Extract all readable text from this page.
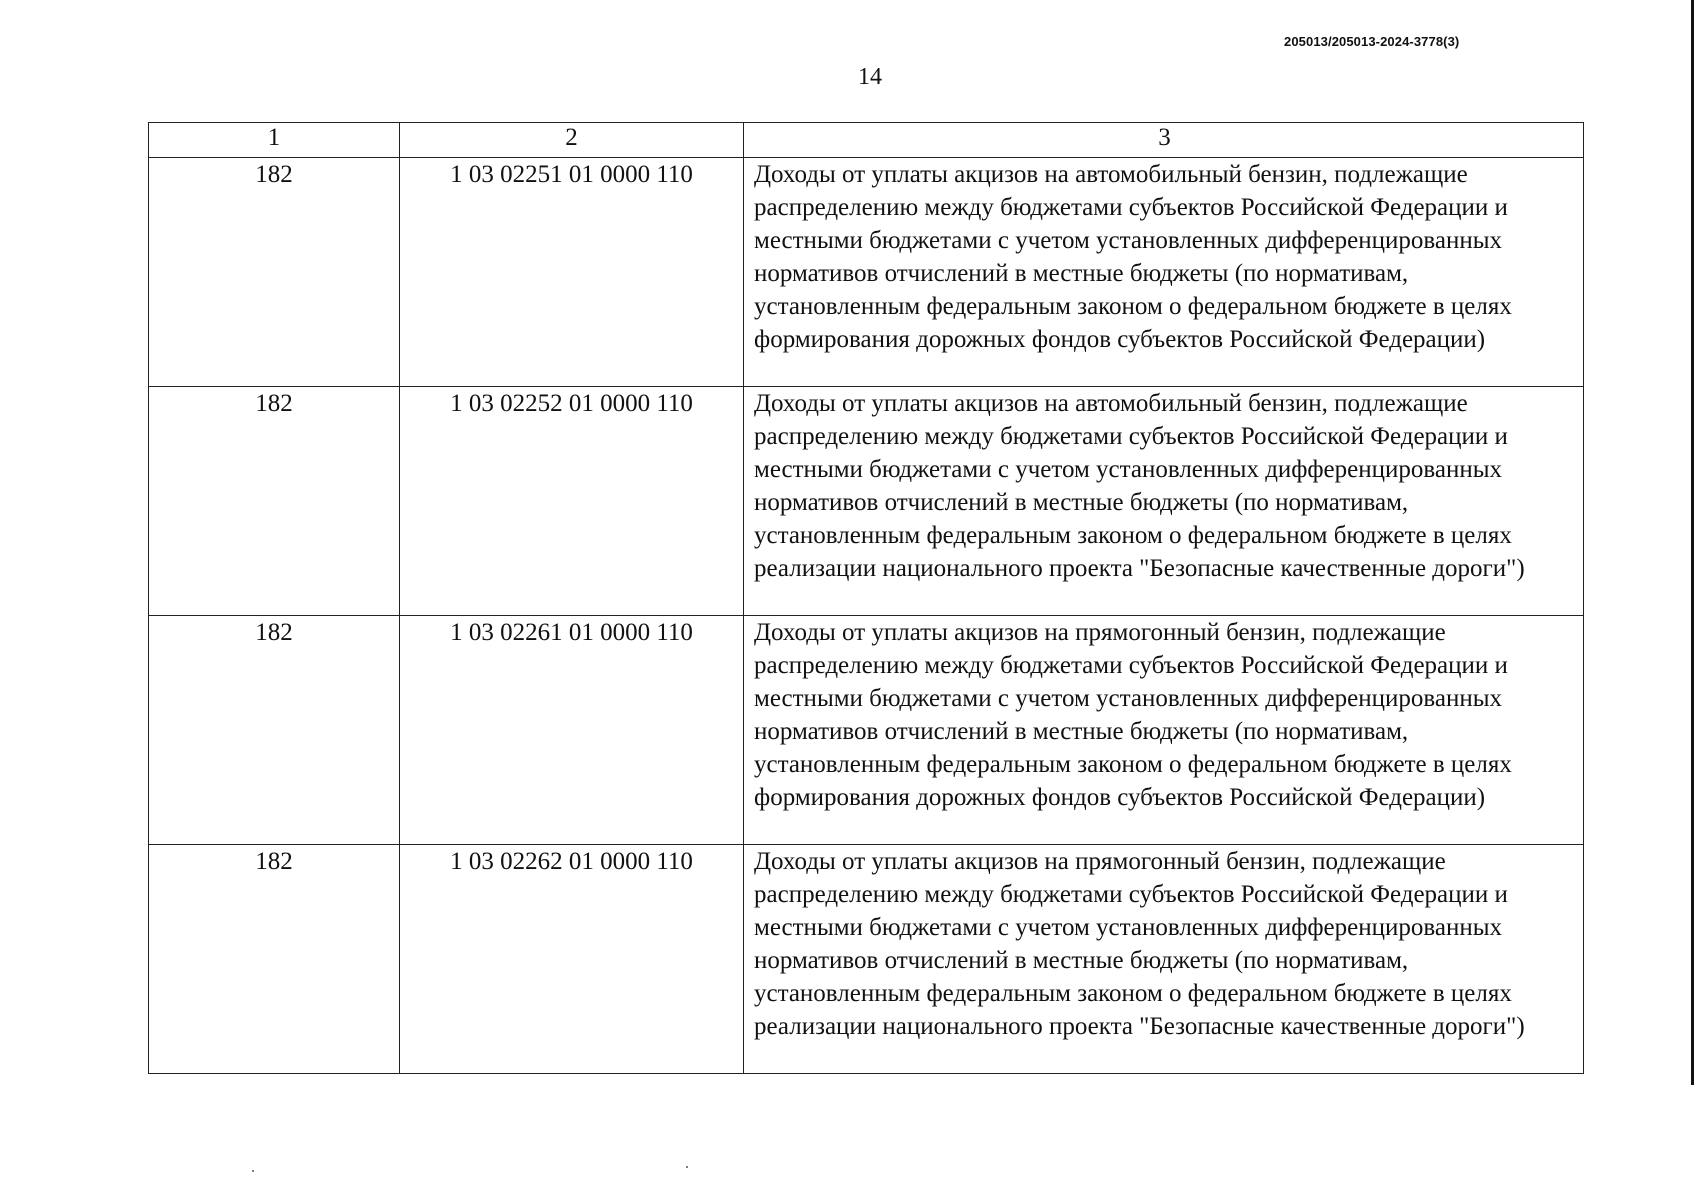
205013/205013-2024-3778(3)
14
1	2	3
182	1 03 02251 01 0000 110	Доходы от уплаты акцизов на автомобильный бензин, подлежащие распределению между бюджетами субъектов Российской Федерации и местными бюджетами с учетом установленных дифференцированных нормативов отчислений в местные бюджеты (по нормативам, установленным федеральным законом о федеральном бюджете в целях формирования дорожных фондов субъектов Российской Федерации)

182	1 03 02252 01 0000 110	Доходы от уплаты акцизов на автомобильный бензин, подлежащие распределению между бюджетами субъектов Российской Федерации и местными бюджетами с учетом установленных дифференцированных нормативов отчислений в местные бюджеты (по нормативам, установленным федеральным законом о федеральном бюджете в целях реализации национального проекта "Безопасные качественные дороги")

182	1 03 02261 01 0000 110	Доходы от уплаты акцизов на прямогонный бензин, подлежащие распределению между бюджетами субъектов Российской Федерации и местными бюджетами с учетом установленных дифференцированных нормативов отчислений в местные бюджеты (по нормативам, установленным федеральным законом о федеральном бюджете в целях формирования дорожных фондов субъектов Российской Федерации)

182	1 03 02262 01 0000 110	Доходы от уплаты акцизов на прямогонный бензин, подлежащие распределению между бюджетами субъектов Российской Федерации и местными бюджетами с учетом установленных дифференцированных нормативов отчислений в местные бюджеты (по нормативам, установленным федеральным законом о федеральном бюджете в целях реализации национального проекта "Безопасные качественные дороги")
